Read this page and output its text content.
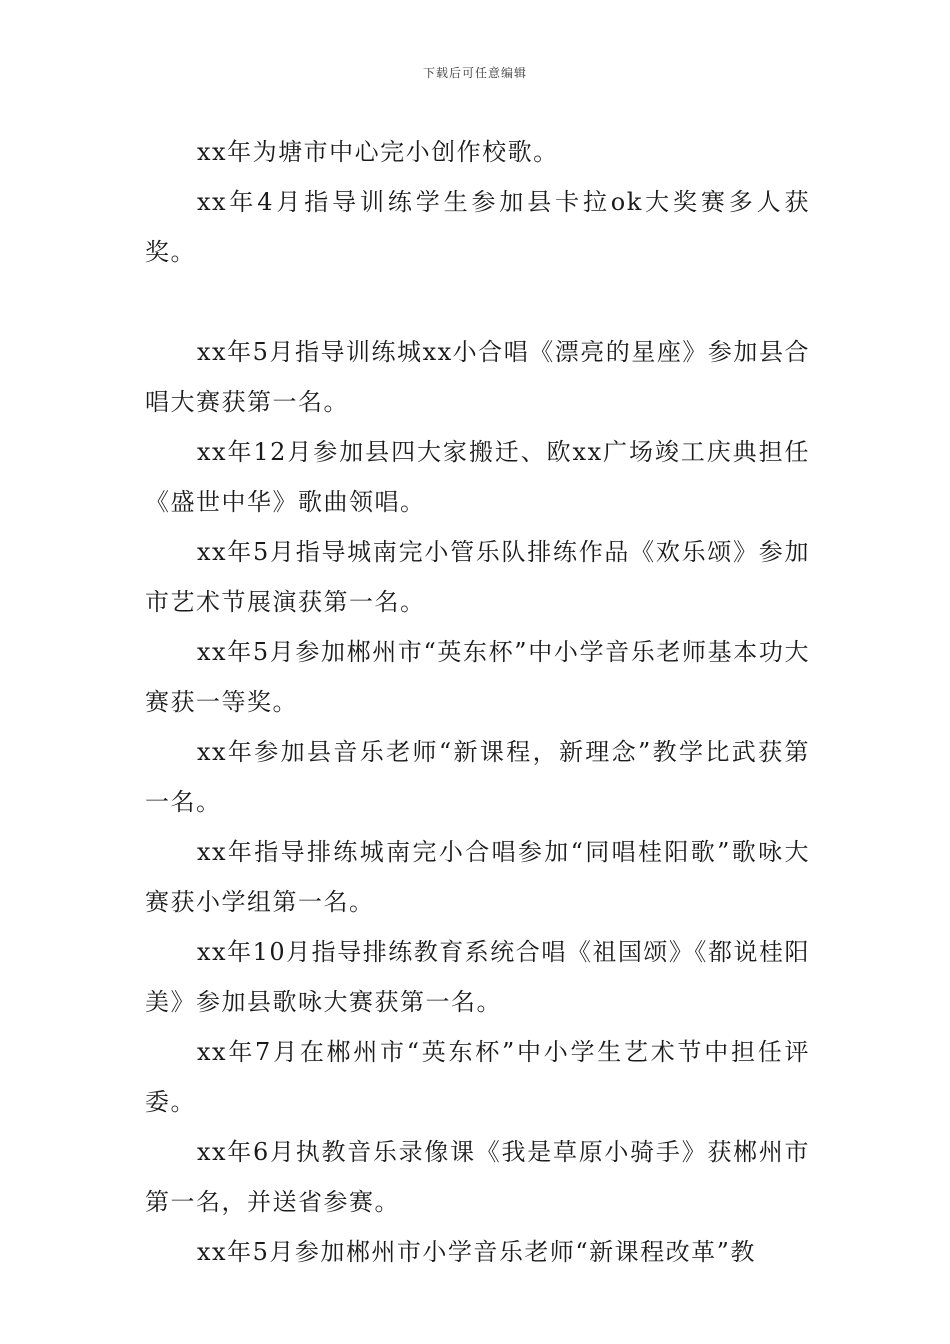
下载后可任意编辑

xx年为塘市中心完小创作校歌。

xx年4月指导训练学生参加县卡拉ok大奖赛多人获奖。

xx年5月指导训练城xx小合唱《漂亮的星座》参加县合唱大赛获第一名。

xx年12月参加县四大家搬迁、欧xx广场竣工庆典担任《盛世中华》歌曲领唱。

xx年5月指导城南完小管乐队排练作品《欢乐颂》参加市艺术节展演获第一名。

xx年5月参加郴州市“英东杯”中小学音乐老师基本功大赛获一等奖。

xx年参加县音乐老师“新课程，新理念”教学比武获第一名。

xx年指导排练城南完小合唱参加“同唱桂阳歌”歌咏大赛获小学组第一名。

xx年10月指导排练教育系统合唱《祖国颂》《都说桂阳美》参加县歌咏大赛获第一名。

xx年7月在郴州市“英东杯”中小学生艺术节中担任评委。

xx年6月执教音乐录像课《我是草原小骑手》获郴州市第一名，并送省参赛。

xx年5月参加郴州市小学音乐老师“新课程改革”教
